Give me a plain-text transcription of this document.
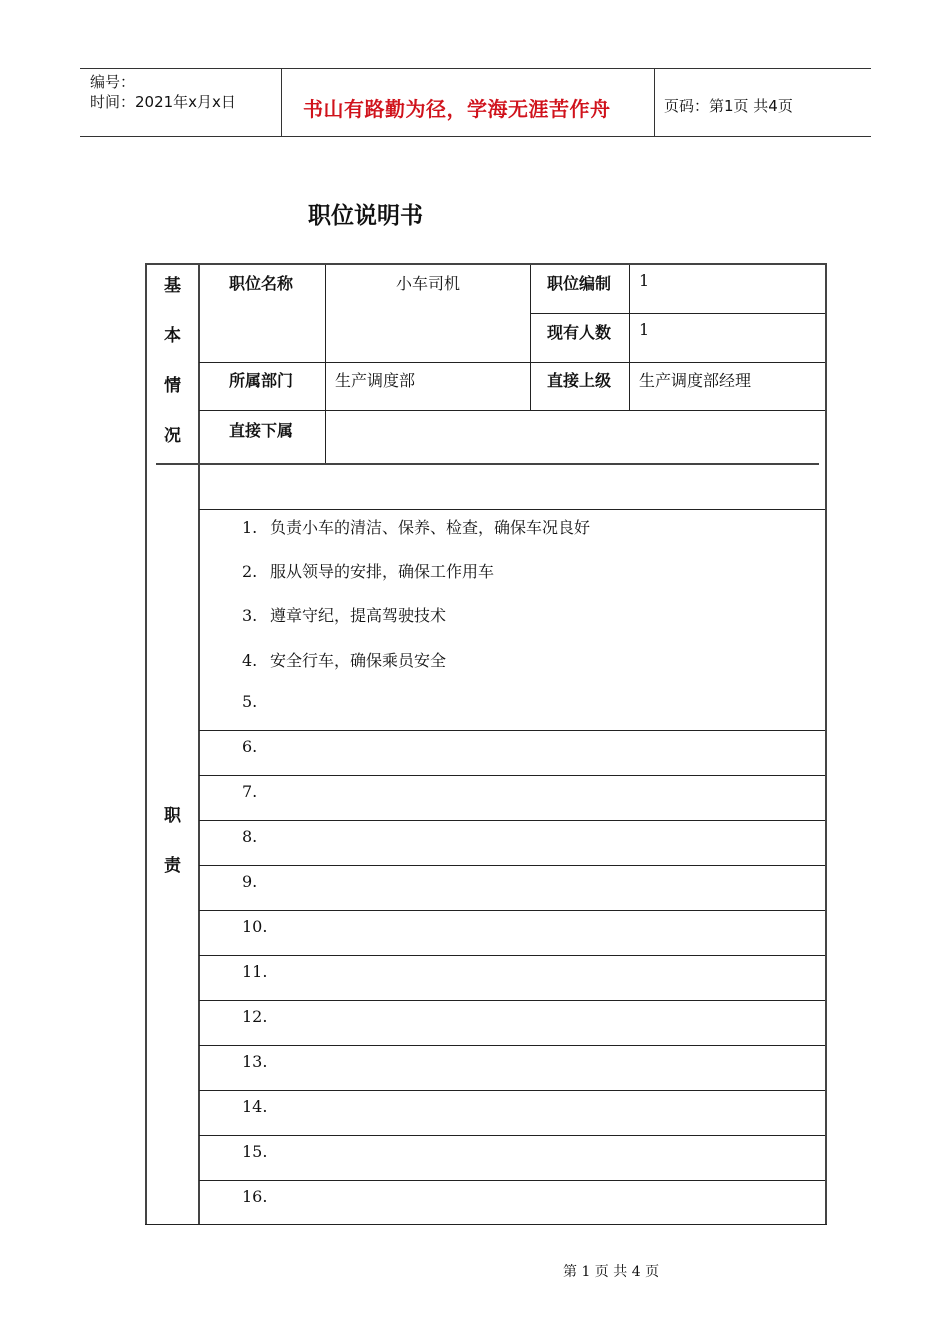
编号：
时间：2021年x月x日	书山有路勤为径，学海无涯苦作舟	页码：第1页 共4页
职位说明书
基
本
情
况
职位名称	小车司机	职位编制 1
现有人数 1
所属部门	生产调度部	直接上级 生产调度部经理
直接下属
职
责
1. 负责小车的清洁、保养、检查，确保车况良好
2. 服从领导的安排，确保工作用车
3. 遵章守纪，提高驾驶技术
4. 安全行车，确保乘员安全
5.
6.
7.
8.
9.
10.
11.
12.
13.
14.
15.
16.
第 1 页 共 4 页
